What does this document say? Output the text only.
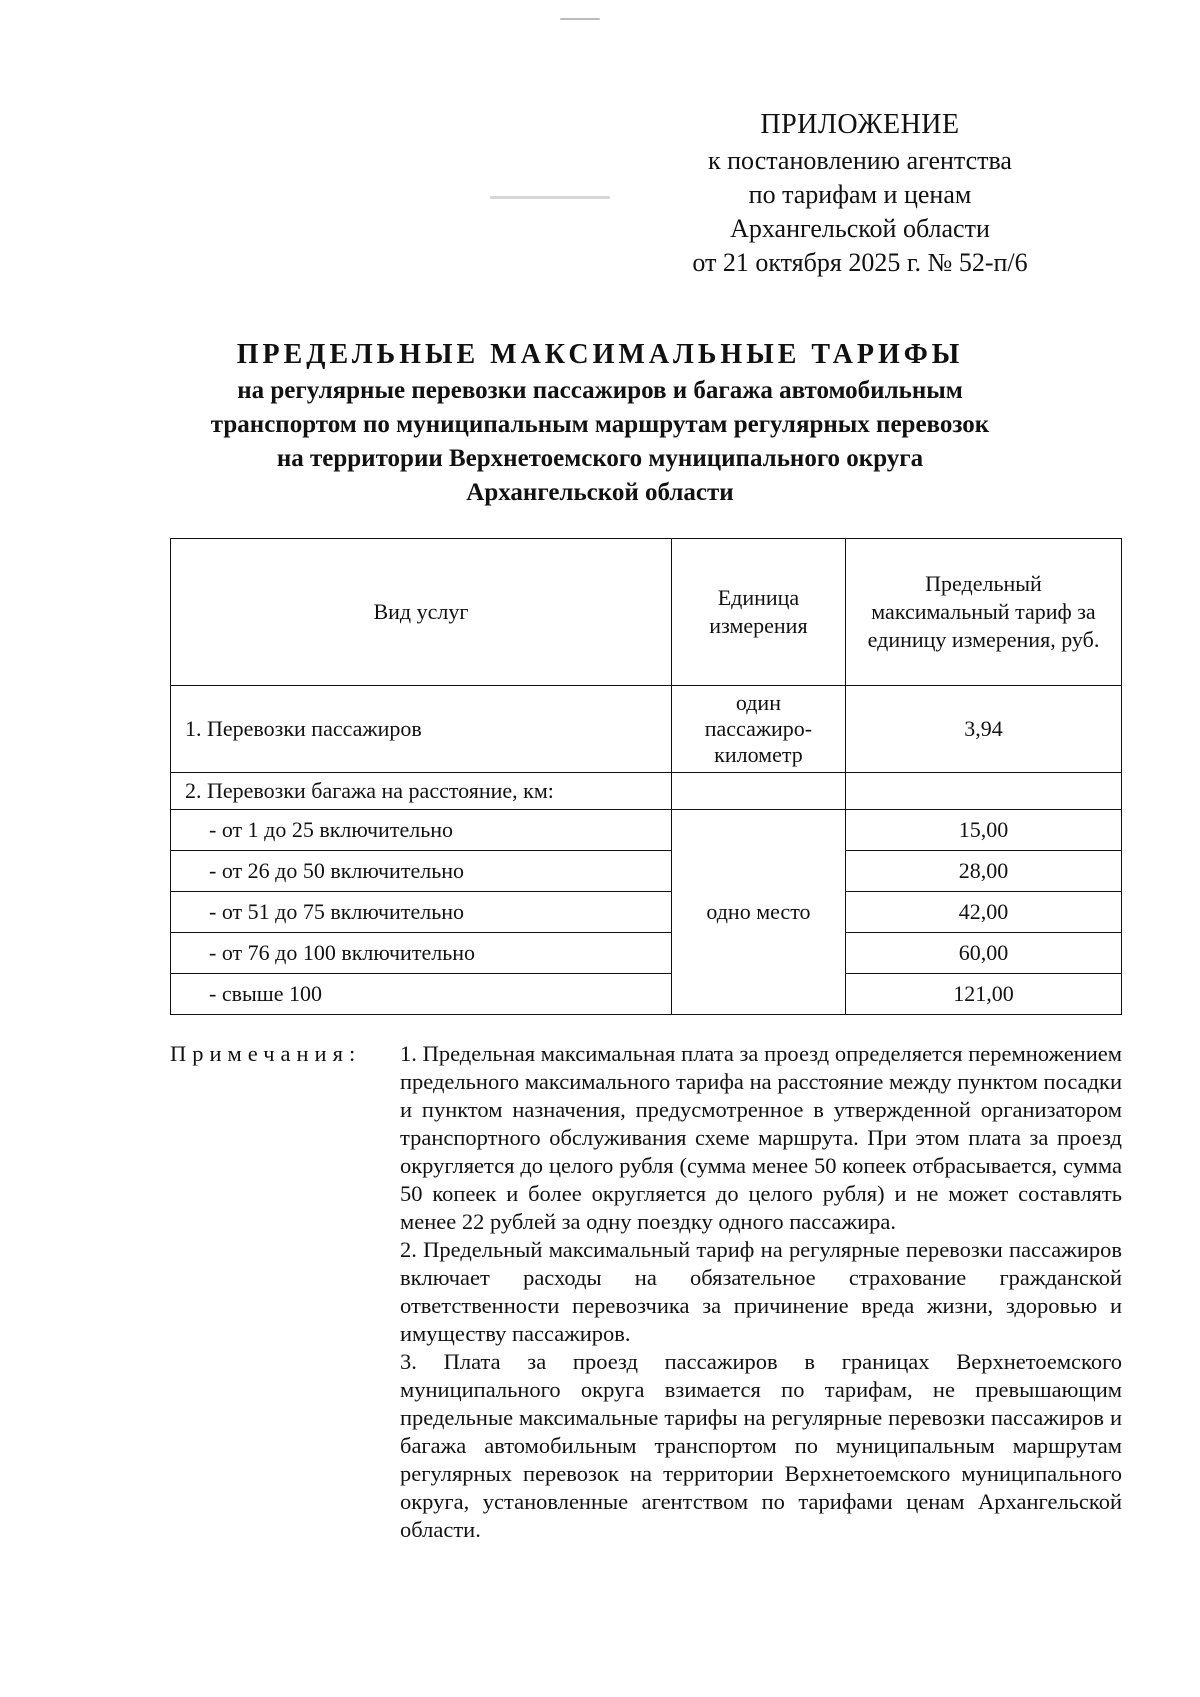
ПРИЛОЖЕНИЕ
к постановлению агентства
по тарифам и ценам
Архангельской области
от 21 октября 2025 г. № 52-п/6
ПРЕДЕЛЬНЫЕ МАКСИМАЛЬНЫЕ ТАРИФЫ
на регулярные перевозки пассажиров и багажа автомобильным
транспортом по муниципальным маршрутам регулярных перевозок
на территории Верхнетоемского муниципального округа
Архангельской области
Вид услуг	Единица измерения	Предельный максимальный тариф за единицу измерения, руб.
1. Перевозки пассажиров	один пассажиро-километр	3,94
2. Перевозки багажа на расстояние, км:		
- от 1 до 25 включительно	одно место	15,00
- от 26 до 50 включительно		28,00
- от 51 до 75 включительно		42,00
- от 76 до 100 включительно		60,00
- свыше 100		121,00
Примечания: 1. Предельная максимальная плата за проезд определяется перемножением предельного максимального тарифа на расстояние между пунктом посадки и пунктом назначения, предусмотренное в утвержденной организатором транспортного обслуживания схеме маршрута. При этом плата за проезд округляется до целого рубля (сумма менее 50 копеек отбрасывается, сумма 50 копеек и более округляется до целого рубля) и не может составлять менее 22 рублей за одну поездку одного пассажира.

2. Предельный максимальный тариф на регулярные перевозки пассажиров включает расходы на обязательное страхование гражданской ответственности перевозчика за причинение вреда жизни, здоровью и имуществу пассажиров.

3. Плата за проезд пассажиров в границах Верхнетоемского муниципального округа взимается по тарифам, не превышающим предельные максимальные тарифы на регулярные перевозки пассажиров и багажа автомобильным транспортом по муниципальным маршрутам регулярных перевозок на территории Верхнетоемского муниципального округа, установленные агентством по тарифами ценам Архангельской области.
